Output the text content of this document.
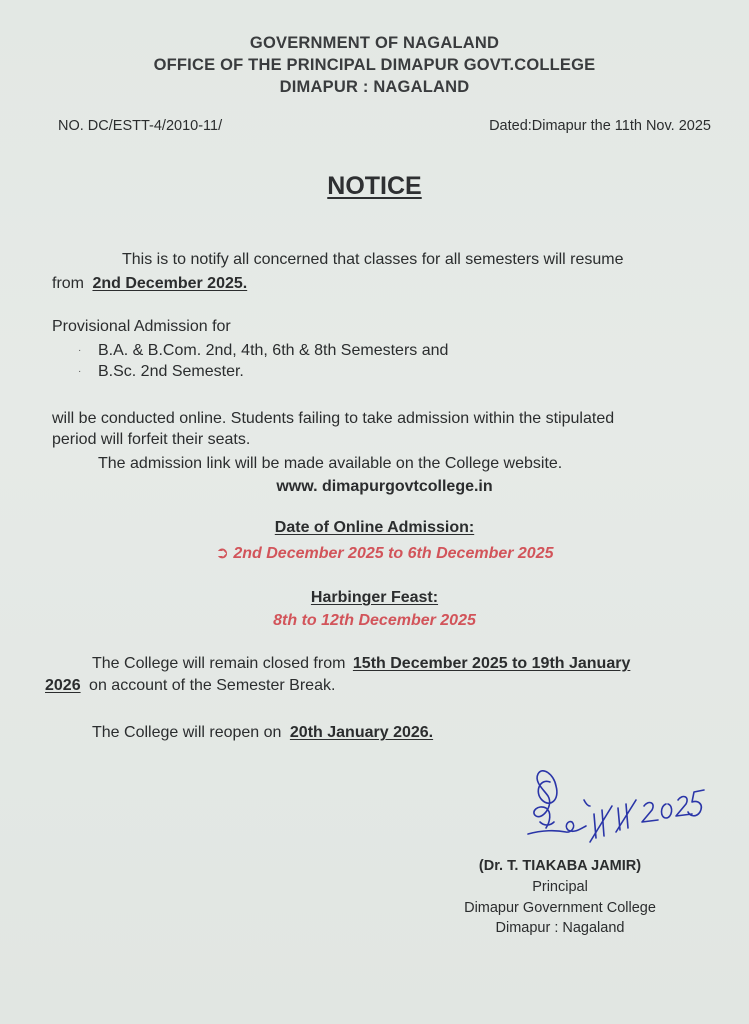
GOVERNMENT OF NAGALAND
OFFICE OF THE PRINCIPAL DIMAPUR GOVT.COLLEGE
DIMAPUR : NAGALAND
NO. DC/ESTT-4/2010-11/	Dated:Dimapur the 11th Nov. 2025
NOTICE
This is to notify all concerned that classes for all semesters will resume
from 2nd December 2025.
Provisional Admission for
· B.A. & B.Com. 2nd, 4th, 6th & 8th Semesters and
· B.Sc. 2nd Semester.
will be conducted online. Students failing to take admission within the stipulated
period will forfeit their seats.
The admission link will be made available on the College website.
www. dimapurgovtcollege.in
Date of Online Admission:
➲ 2nd December 2025 to 6th December 2025
Harbinger Feast:
8th to 12th December 2025
The College will remain closed from 15th December 2025 to 19th January
2026 on account of the Semester Break.
The College will reopen on 20th January 2026.
(Dr. T. TIAKABA JAMIR)
Principal
Dimapur Government College
Dimapur : Nagaland
